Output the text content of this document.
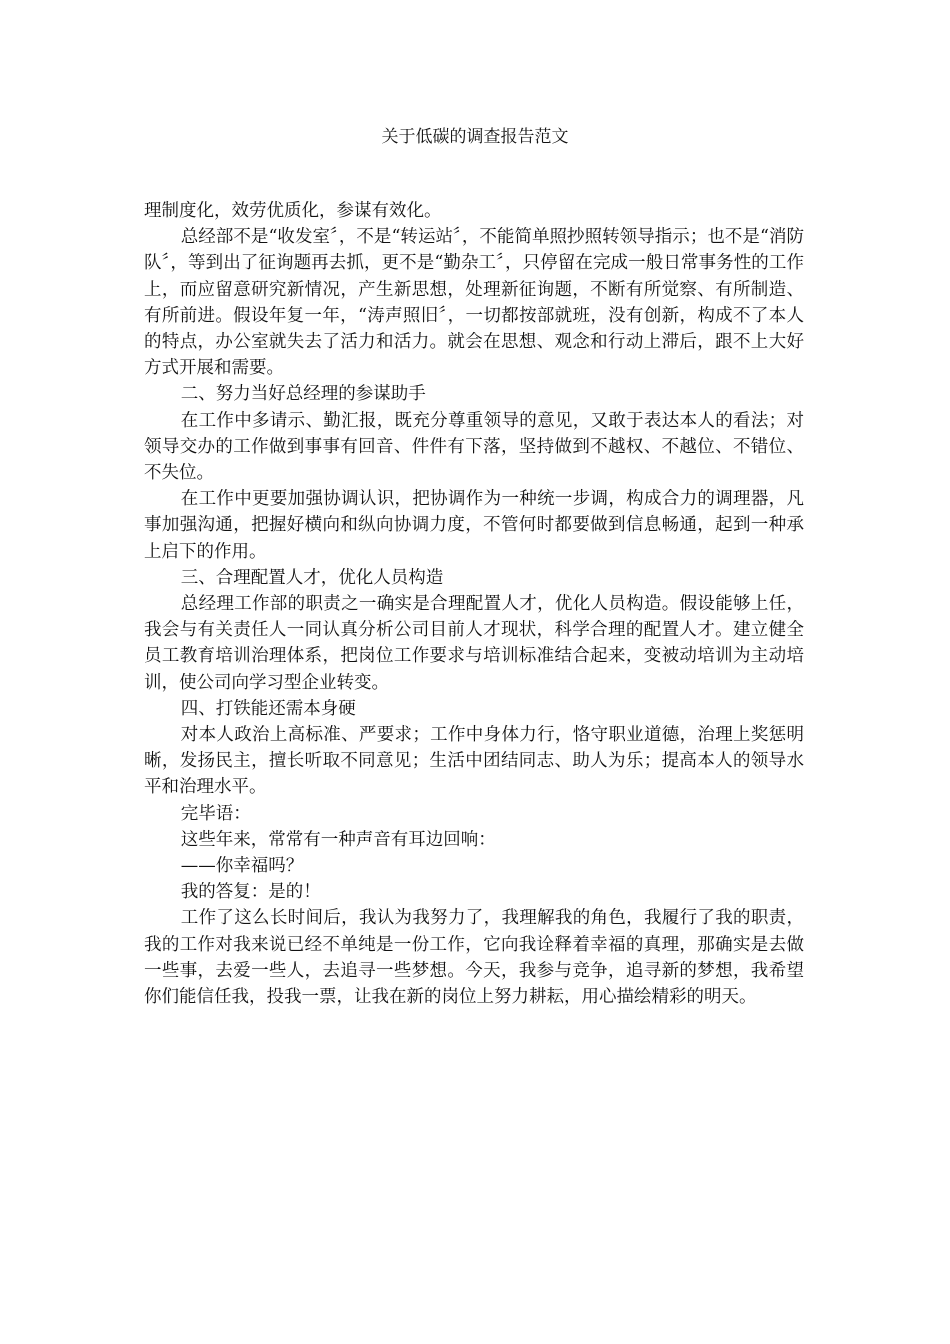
关于低碳的调查报告范文

理制度化，效劳优质化，参谋有效化。

总经部不是“收发室〞，不是“转运站〞，不能简单照抄照转领导指示；也不是“消防队〞，等到出了征询题再去抓，更不是“勤杂工〞，只停留在完成一般日常事务性的工作上，而应留意研究新情况，产生新思想，处理新征询题，不断有所觉察、有所制造、有所前进。假设年复一年，“涛声照旧〞，一切都按部就班，没有创新，构成不了本人的特点，办公室就失去了活力和活力。就会在思想、观念和行动上滞后，跟不上大好方式开展和需要。

二、努力当好总经理的参谋助手

在工作中多请示、勤汇报，既充分尊重领导的意见，又敢于表达本人的看法；对领导交办的工作做到事事有回音、件件有下落，坚持做到不越权、不越位、不错位、不失位。

在工作中更要加强协调认识，把协调作为一种统一步调，构成合力的调理器，凡事加强沟通，把握好横向和纵向协调力度，不管何时都要做到信息畅通，起到一种承上启下的作用。

三、合理配置人才，优化人员构造

总经理工作部的职责之一确实是合理配置人才，优化人员构造。假设能够上任，我会与有关责任人一同认真分析公司目前人才现状，科学合理的配置人才。建立健全员工教育培训治理体系，把岗位工作要求与培训标准结合起来，变被动培训为主动培训，使公司向学习型企业转变。

四、打铁能还需本身硬

对本人政治上高标准、严要求；工作中身体力行，恪守职业道德，治理上奖惩明晰，发扬民主，擅长听取不同意见；生活中团结同志、助人为乐；提高本人的领导水平和治理水平。

完毕语：

这些年来，常常有一种声音有耳边回响：

——你幸福吗？

我的答复：是的！

工作了这么长时间后，我认为我努力了，我理解我的角色，我履行了我的职责，我的工作对我来说已经不单纯是一份工作，它向我诠释着幸福的真理，那确实是去做一些事，去爱一些人，去追寻一些梦想。今天，我参与竞争，追寻新的梦想，我希望你们能信任我，投我一票，让我在新的岗位上努力耕耘，用心描绘精彩的明天。
